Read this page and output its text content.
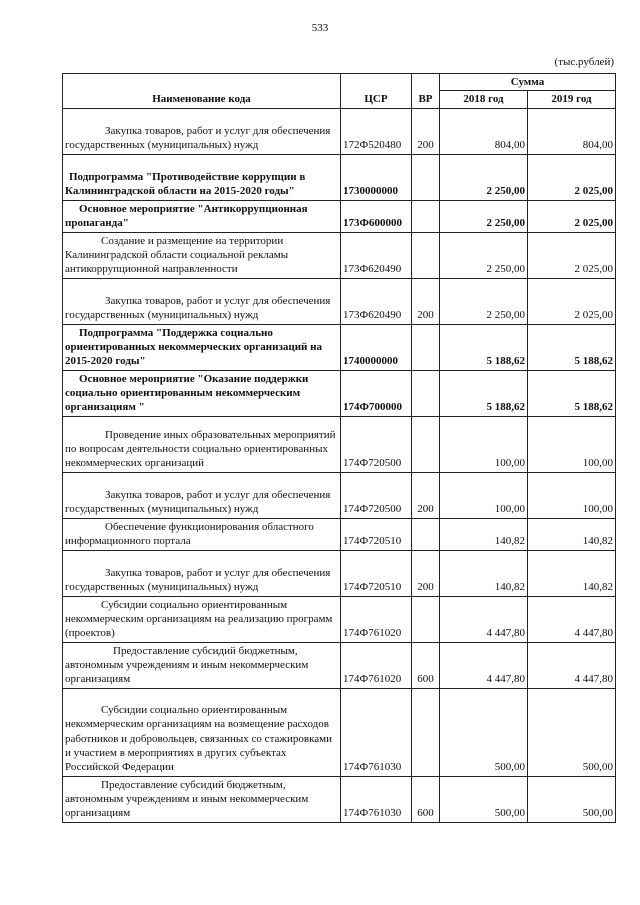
533
(тыс.рублей)
Наименование кода	ЦСР	ВР	Сумма	
			2018 год	2019 год
Закупка товаров, работ и услуг для обеспечения государственных (муниципальных) нужд	172Ф520480	200	804,00	804,00
Подпрограмма "Противодействие коррупции в Калининградской области на 2015-2020 годы"	1730000000		2 250,00	2 025,00
Основное мероприятие "Антикоррупционная пропаганда"	173Ф600000		2 250,00	2 025,00
Создание и размещение на территории Калининградской области социальной рекламы антикоррупционной направленности	173Ф620490		2 250,00	2 025,00
Закупка товаров, работ и услуг для обеспечения государственных (муниципальных) нужд	173Ф620490	200	2 250,00	2 025,00
Подпрограмма "Поддержка социально ориентированных некоммерческих организаций на 2015-2020 годы"	1740000000		5 188,62	5 188,62
Основное мероприятие "Оказание поддержки социально ориентированным некоммерческим организациям "	174Ф700000		5 188,62	5 188,62
Проведение иных образовательных мероприятий по вопросам деятельности социально ориентированных некоммерческих организаций	174Ф720500		100,00	100,00
Закупка товаров, работ и услуг для обеспечения государственных (муниципальных) нужд	174Ф720500	200	100,00	100,00
Обеспечение функционирования областного информационного портала	174Ф720510		140,82	140,82
Закупка товаров, работ и услуг для обеспечения государственных (муниципальных) нужд	174Ф720510	200	140,82	140,82
Субсидии социально ориентированным некоммерческим организациям на реализацию программ (проектов)	174Ф761020		4 447,80	4 447,80
Предоставление субсидий бюджетным, автономным учреждениям и иным некоммерческим организациям	174Ф761020	600	4 447,80	4 447,80
Субсидии социально ориентированным некоммерческим организациям на возмещение расходов работников и добровольцев, связанных со стажировками и участием в мероприятиях в других субъектах Российской Федерации	174Ф761030		500,00	500,00
Предоставление субсидий бюджетным, автономным учреждениям и иным некоммерческим организациям	174Ф761030	600	500,00	500,00
